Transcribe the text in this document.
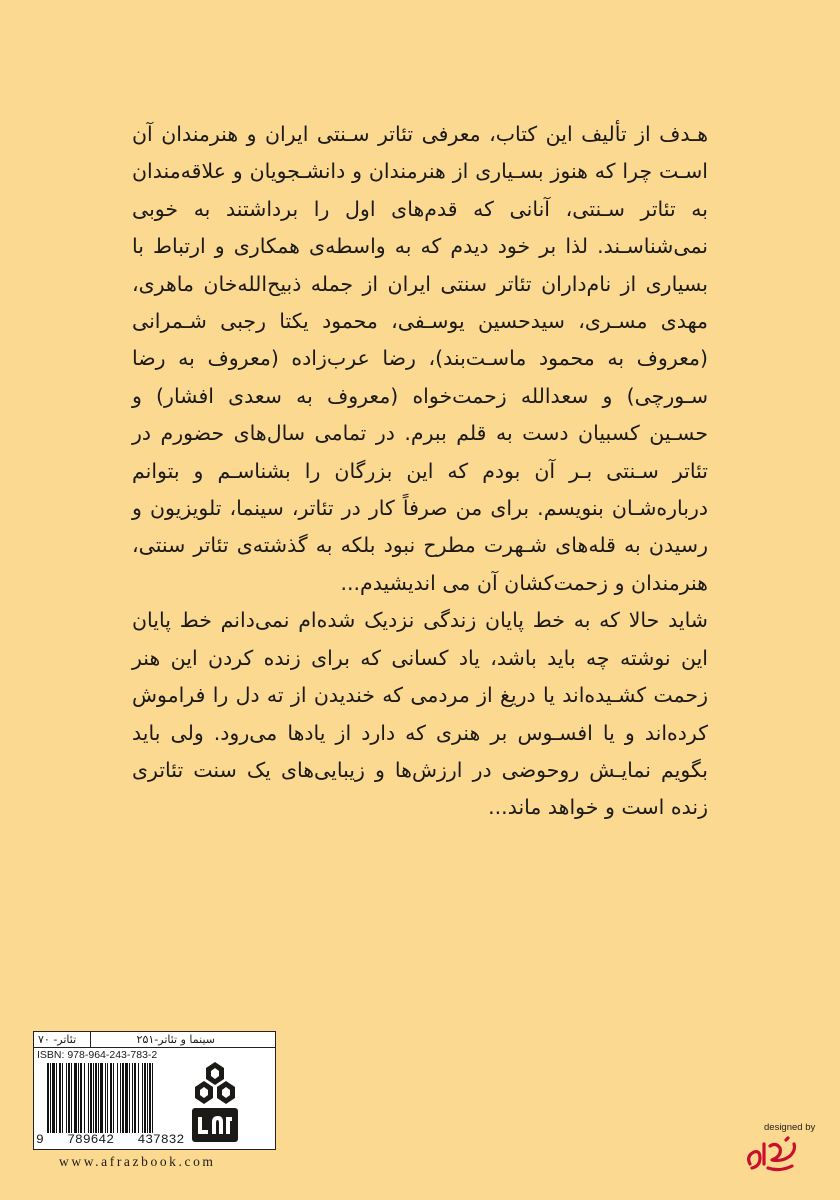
هـدف از تألیف این کتاب، معرفی تئاتر سـنتی ایران و هنرمندان آن اسـت چرا که هنوز بسـیاری از هنرمندان و دانشـجویان و علاقه‌مندان به تئاتر سـنتی، آنانی که قدم‌های اول را برداشتند به خوبی نمی‌شناسـند. لذا بر خود دیدم که به واسطه‌ی همکاری و ارتباط با بسیاری از نام‌داران تئاتر سنتی ایران از جمله ذبیح‌الله‌خان ماهری، مهدی مسـری، سیدحسین یوسـفی، محمود یکتا رجبی شـمرانی (معروف به محمود ماسـت‌بند)، رضا عرب‌زاده (معروف به رضا سـورچی) و سعدالله زحمت‌خواه (معروف به سعدی افشار) و حسـین کسبیان دست به قلم ببرم. در تمامی سال‌های حضورم در تئاتر سـنتی بـر آن بودم که این بزرگان را بشناسـم و بتوانم درباره‌شـان بنویسم. برای من صرفاً کار در تئاتر، سینما، تلویزیون و رسیدن به قله‌های شـهرت مطرح نبود بلکه به گذشته‌ی تئاتر سنتی، هنرمندان و زحمت‌کشان آن می اندیشیدم...

شاید حالا که به خط پایان زندگی نزدیک شده‌ام نمی‌دانم خط پایان این نوشته چه باید باشد، یاد کسانی که برای زنده کردن این هنر زحمت کشـیده‌اند یا دریغ از مردمی که خندیدن از ته دل را فراموش کرده‌اند و یا افسـوس بر هنری که دارد از یادها می‌رود. ولی باید بگویم نمایـش روحوضی در ارزش‌ها و زیبایی‌های یک سنت تئاتری زنده است و خواهد ماند...

سینما و تئاتر-۲۵۱
تئاتر- ۷۰
ISBN: 978-964-243-783-2
9 789642 437832
www.afrazbook.com
designed by
